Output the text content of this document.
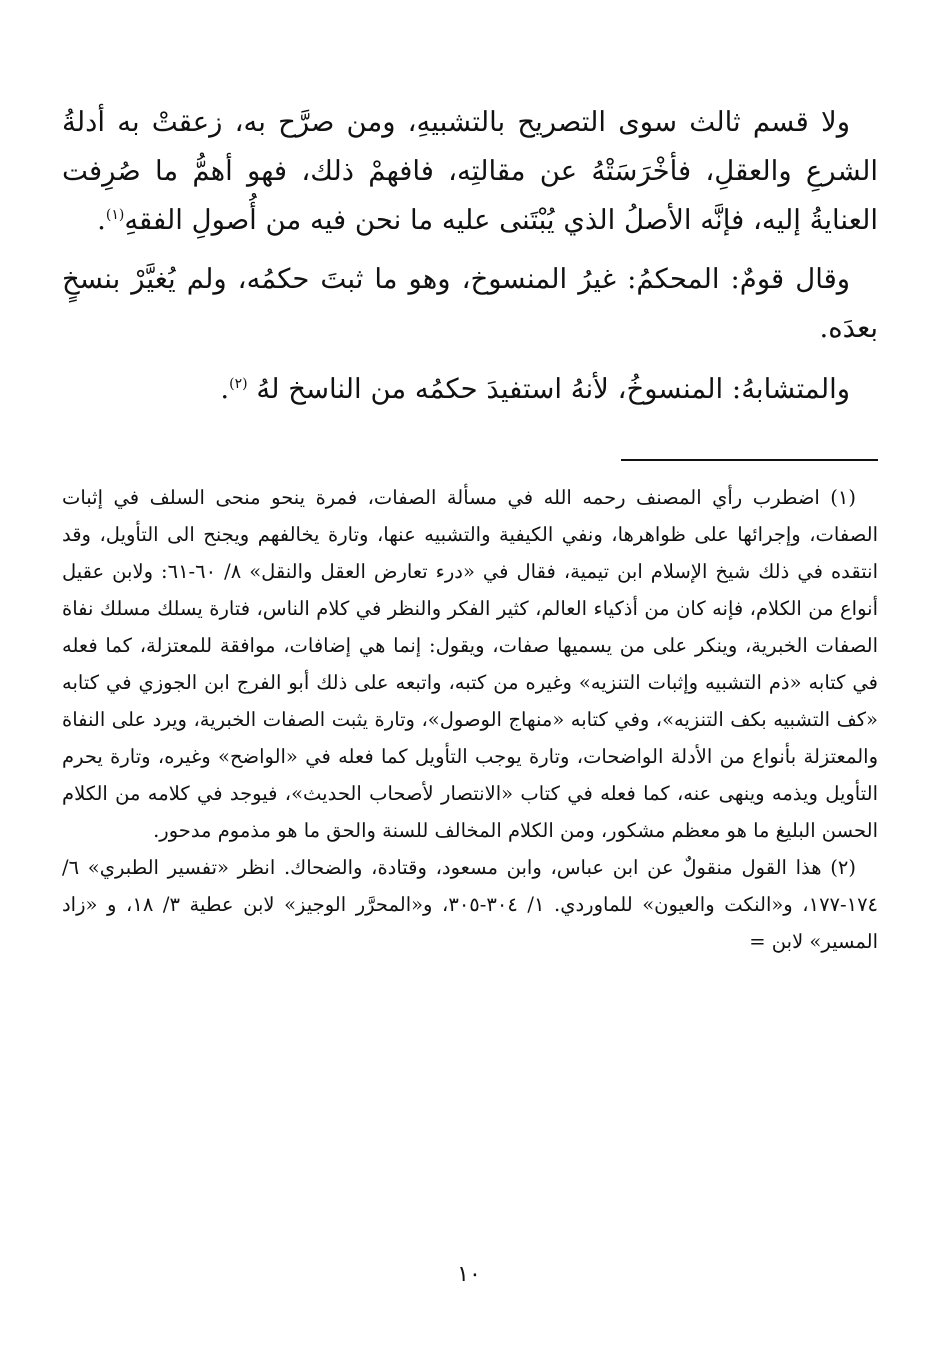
ولا قسم ثالث سوى التصريح بالتشبيهِ، ومن صرَّح به، زعقتْ به أدلةُ الشرعِ والعقلِ، فأخْرَسَتْهُ عن مقالتِه، فافهمْ ذلك، فهو أهمُّ ما صُرِفت العنايةُ إليه، فإنَّه الأصلُ الذي يُبْتَنى عليه ما نحن فيه من أُصولِ الفقهِ$^{(١)}$.

وقال قومٌ: المحكمُ: غيرُ المنسوخ، وهو ما ثبتَ حكمُه، ولم يُغيَّرْ بنسخٍ بعدَه.

والمتشابهُ: المنسوخُ، لأنهُ استفيدَ حكمُه من الناسخ لهُ $^{(٢)}$.

(١) اضطرب رأي المصنف رحمه الله في مسألة الصفات، فمرة ينحو منحى السلف في إثبات الصفات، وإجرائها على ظواهرها، ونفي الكيفية والتشبيه عنها، وتارة يخالفهم ويجنح الى التأويل، وقد انتقده في ذلك شيخ الإسلام ابن تيمية، فقال في «درء تعارض العقل والنقل» ٨/ ٦٠-٦١: ولابن عقيل أنواع من الكلام، فإنه كان من أذكياء العالم، كثير الفكر والنظر في كلام الناس، فتارة يسلك مسلك نفاة الصفات الخبرية، وينكر على من يسميها صفات، ويقول: إنما هي إضافات، موافقة للمعتزلة، كما فعله في كتابه «ذم التشبيه وإثبات التنزيه» وغيره من كتبه، واتبعه على ذلك أبو الفرج ابن الجوزي في كتابه «كف التشبيه بكف التنزيه»، وفي كتابه «منهاج الوصول»، وتارة يثبت الصفات الخبرية، ويرد على النفاة والمعتزلة بأنواع من الأدلة الواضحات، وتارة يوجب التأويل كما فعله في «الواضح» وغيره، وتارة يحرم التأويل ويذمه وينهى عنه، كما فعله في كتاب «الانتصار لأصحاب الحديث»، فيوجد في كلامه من الكلام الحسن البليغ ما هو معظم مشكور، ومن الكلام المخالف للسنة والحق ما هو مذموم مدحور.

(٢) هذا القول منقولٌ عن ابن عباس، وابن مسعود، وقتادة، والضحاك. انظر «تفسير الطبري» ٦/ ١٧٤-١٧٧، و«النكت والعيون» للماوردي. ١/ ٣٠٤-٣٠٥، و«المحرَّر الوجيز» لابن عطية ٣/ ١٨، و «زاد المسير» لابن =

١٠
